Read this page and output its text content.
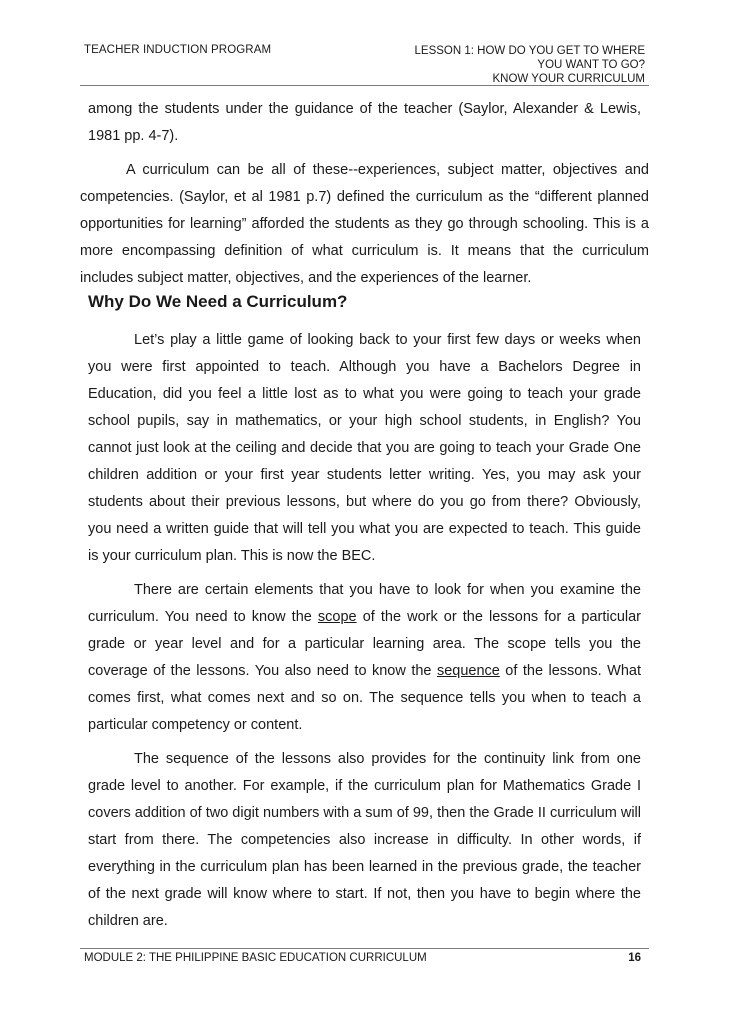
TEACHER INDUCTION PROGRAM	LESSON 1: HOW DO YOU GET TO WHERE
YOU WANT TO GO?
KNOW YOUR CURRICULUM

among the students under the guidance of the teacher (Saylor, Alexander & Lewis, 1981 pp. 4-7).

A curriculum can be all of these--experiences, subject matter, objectives and competencies. (Saylor, et al 1981 p.7) defined the curriculum as the “different planned opportunities for learning” afforded the students as they go through schooling. This is a more encompassing definition of what curriculum is. It means that the curriculum includes subject matter, objectives, and the experiences of the learner.

Why Do We Need a Curriculum?

Let’s play a little game of looking back to your first few days or weeks when you were first appointed to teach. Although you have a Bachelors Degree in Education, did you feel a little lost as to what you were going to teach your grade school pupils, say in mathematics, or your high school students, in English? You cannot just look at the ceiling and decide that you are going to teach your Grade One children addition or your first year students letter writing. Yes, you may ask your students about their previous lessons, but where do you go from there? Obviously, you need a written guide that will tell you what you are expected to teach. This guide is your curriculum plan. This is now the BEC.

There are certain elements that you have to look for when you examine the curriculum. You need to know the scope of the work or the lessons for a particular grade or year level and for a particular learning area. The scope tells you the coverage of the lessons. You also need to know the sequence of the lessons. What comes first, what comes next and so on. The sequence tells you when to teach a particular competency or content.

The sequence of the lessons also provides for the continuity link from one grade level to another. For example, if the curriculum plan for Mathematics Grade I covers addition of two digit numbers with a sum of 99, then the Grade II curriculum will start from there. The competencies also increase in difficulty. In other words, if everything in the curriculum plan has been learned in the previous grade, the teacher of the next grade will know where to start. If not, then you have to begin where the children are.

MODULE 2: THE PHILIPPINE BASIC EDUCATION CURRICULUM	16
